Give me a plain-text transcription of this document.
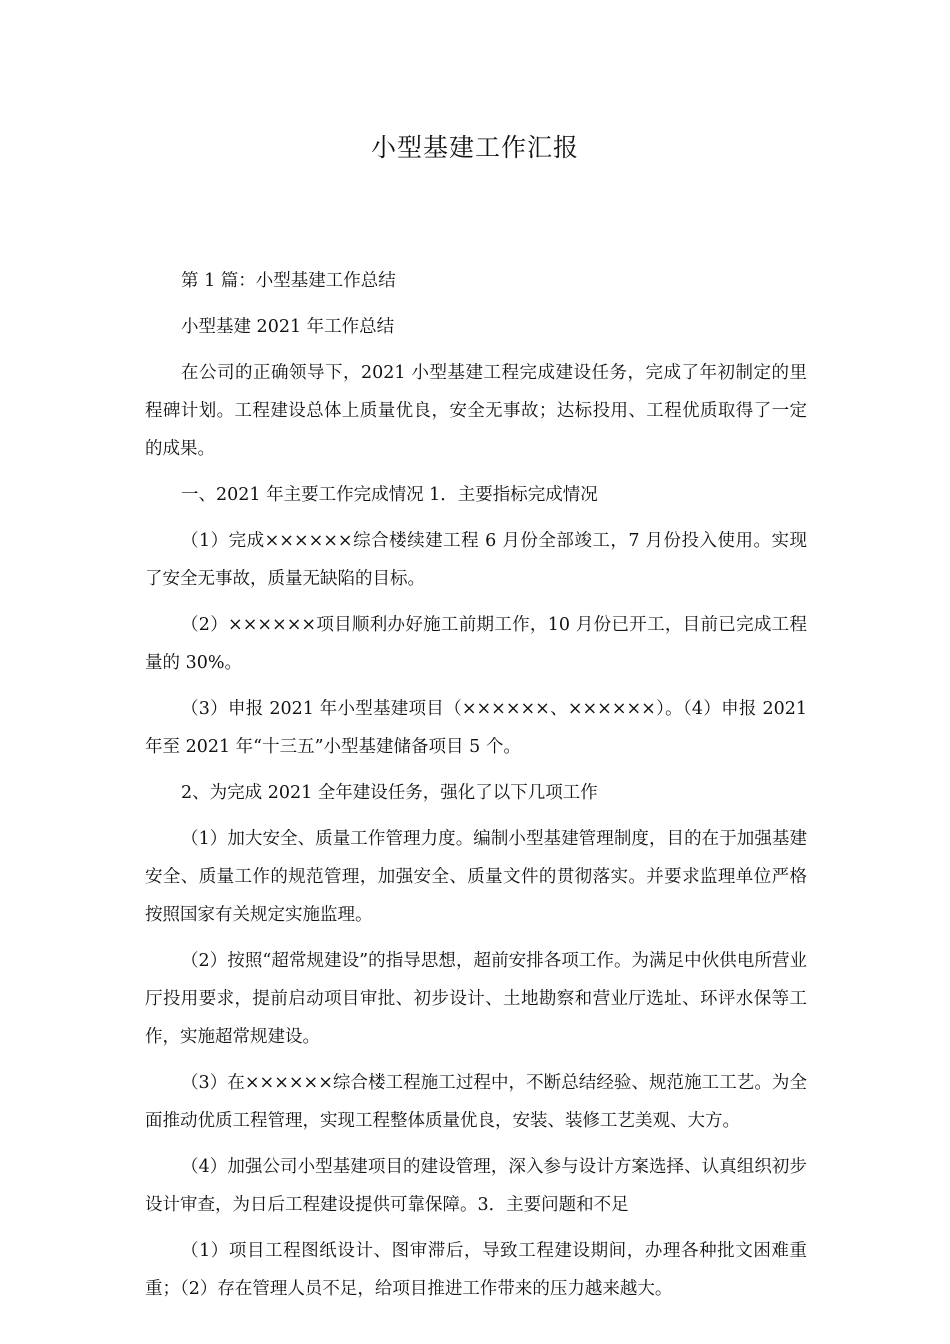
小型基建工作汇报

第 1 篇：小型基建工作总结

小型基建 2021 年工作总结

在公司的正确领导下，2021 小型基建工程完成建设任务，完成了年初制定的里程碑计划。工程建设总体上质量优良，安全无事故；达标投用、工程优质取得了一定的成果。

一、2021 年主要工作完成情况 1．主要指标完成情况

（1）完成××××××综合楼续建工程 6 月份全部竣工，7 月份投入使用。实现了安全无事故，质量无缺陷的目标。

（2）××××××项目顺利办好施工前期工作，10 月份已开工，目前已完成工程量的 30%。

（3）申报 2021 年小型基建项目（××××××、××××××）。（4）申报 2021 年至 2021 年“十三五”小型基建储备项目 5 个。

2、为完成 2021 全年建设任务，强化了以下几项工作

（1）加大安全、质量工作管理力度。编制小型基建管理制度，目的在于加强基建安全、质量工作的规范管理，加强安全、质量文件的贯彻落实。并要求监理单位严格按照国家有关规定实施监理。

（2）按照“超常规建设”的指导思想，超前安排各项工作。为满足中伙供电所营业厅投用要求，提前启动项目审批、初步设计、土地勘察和营业厅选址、环评水保等工作，实施超常规建设。

（3）在××××××综合楼工程施工过程中，不断总结经验、规范施工工艺。为全面推动优质工程管理，实现工程整体质量优良，安装、装修工艺美观、大方。

（4）加强公司小型基建项目的建设管理，深入参与设计方案选择、认真组织初步设计审查，为日后工程建设提供可靠保障。3．主要问题和不足

（1）项目工程图纸设计、图审滞后，导致工程建设期间，办理各种批文困难重重；（2）存在管理人员不足，给项目推进工作带来的压力越来越大。
